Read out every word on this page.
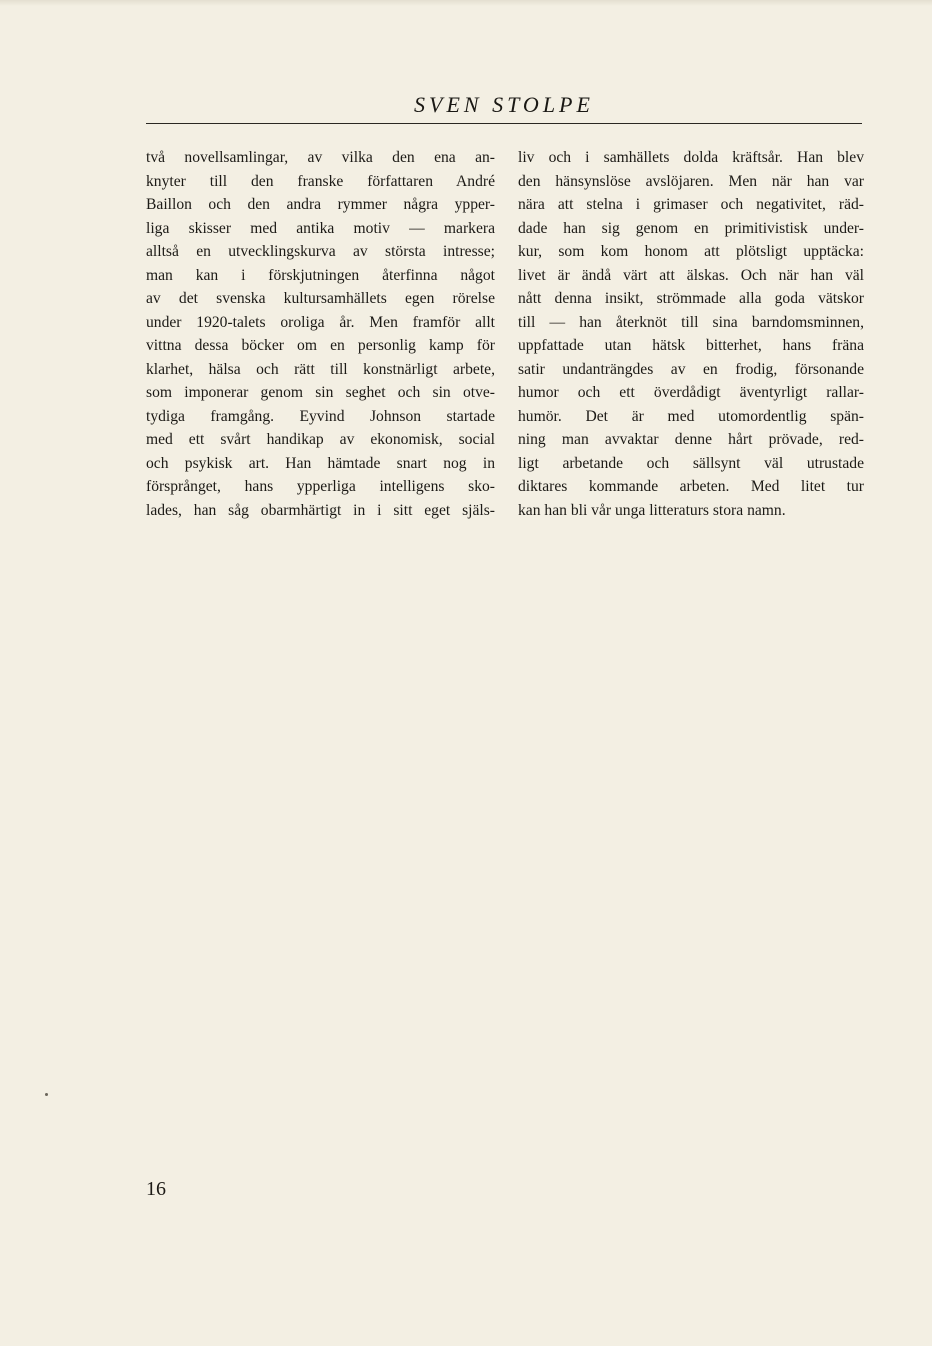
SVEN STOLPE
två novellsamlingar, av vilka den ena an-
knyter till den franske författaren André
Baillon och den andra rymmer några ypper-
liga skisser med antika motiv — markera
alltså en utvecklingskurva av största intresse;
man kan i förskjutningen återfinna något
av det svenska kultursamhällets egen rörelse
under 1920-talets oroliga år. Men framför allt
vittna dessa böcker om en personlig kamp för
klarhet, hälsa och rätt till konstnärligt arbete,
som imponerar genom sin seghet och sin otve-
tydiga framgång. Eyvind Johnson startade
med ett svårt handikap av ekonomisk, social
och psykisk art. Han hämtade snart nog in
försprånget, hans ypperliga intelligens sko-
lades, han såg obarmhärtigt in i sitt eget själs-
liv och i samhällets dolda kräftsår. Han blev
den hänsynslöse avslöjaren. Men när han var
nära att stelna i grimaser och negativitet, räd-
dade han sig genom en primitivistisk under-
kur, som kom honom att plötsligt upptäcka:
livet är ändå värt att älskas. Och när han väl
nått denna insikt, strömmade alla goda vätskor
till — han återknöt till sina barndomsminnen,
uppfattade utan hätsk bitterhet, hans fräna
satir undanträngdes av en frodig, försonande
humor och ett överdådigt äventyrligt rallar-
humör. Det är med utomordentlig spän-
ning man avvaktar denne hårt prövade, red-
ligt arbetande och sällsynt väl utrustade
diktares kommande arbeten. Med litet tur
kan han bli vår unga litteraturs stora namn.
16
